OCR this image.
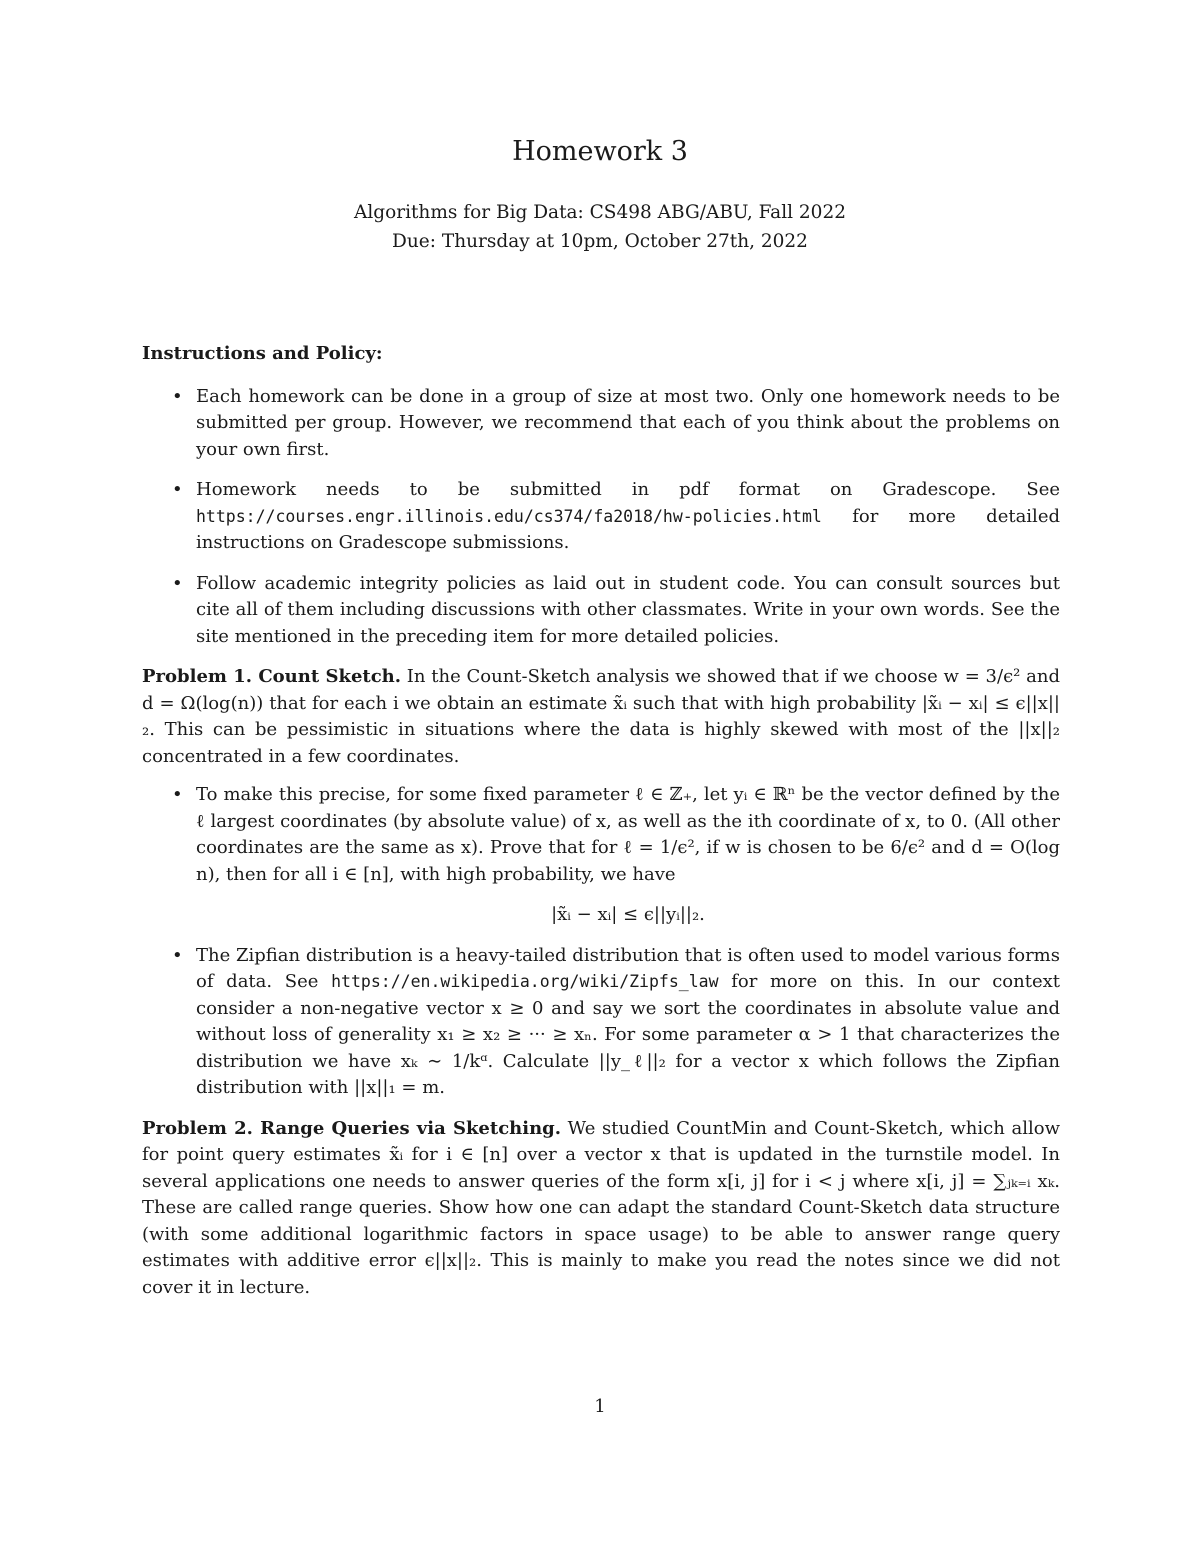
Homework 3
Algorithms for Big Data: CS498 ABG/ABU, Fall 2022
Due: Thursday at 10pm, October 27th, 2022
Instructions and Policy:
• Each homework can be done in a group of size at most two. Only one homework needs to be submitted per group. However, we recommend that each of you think about the problems on your own first.
• Homework needs to be submitted in pdf format on Gradescope. See https://courses.engr.illinois.edu/cs374/fa2018/hw-policies.html for more detailed instructions on Gradescope submissions.
• Follow academic integrity policies as laid out in student code. You can consult sources but cite all of them including discussions with other classmates. Write in your own words. See the site mentioned in the preceding item for more detailed policies.
Problem 1. Count Sketch. In the Count-Sketch analysis we showed that if we choose w = 3/ϵ² and d = Ω(log(n)) that for each i we obtain an estimate x̃ᵢ such that with high probability |x̃ᵢ − xᵢ| ≤ ϵ||x||₂. This can be pessimistic in situations where the data is highly skewed with most of the ||x||₂ concentrated in a few coordinates.
• To make this precise, for some fixed parameter ℓ ∈ ℤ₊, let yᵢ ∈ ℝⁿ be the vector defined by the ℓ largest coordinates (by absolute value) of x, as well as the ith coordinate of x, to 0. (All other coordinates are the same as x). Prove that for ℓ = 1/ϵ², if w is chosen to be 6/ϵ² and d = O(log n), then for all i ∈ [n], with high probability, we have
|x̃ᵢ − xᵢ| ≤ ϵ||yᵢ||₂.
• The Zipfian distribution is a heavy-tailed distribution that is often used to model various forms of data. See https://en.wikipedia.org/wiki/Zipfs_law for more on this. In our context consider a non-negative vector x ≥ 0 and say we sort the coordinates in absolute value and without loss of generality x₁ ≥ x₂ ≥ ··· ≥ xₙ. For some parameter α > 1 that characterizes the distribution we have xₖ ∼ 1/kᵅ. Calculate ||y_ℓ||₂ for a vector x which follows the Zipfian distribution with ||x||₁ = m.
Problem 2. Range Queries via Sketching. We studied CountMin and Count-Sketch, which allow for point query estimates x̃ᵢ for i ∈ [n] over a vector x that is updated in the turnstile model. In several applications one needs to answer queries of the form x[i, j] for i < j where x[i, j] = ∑ⱼₖ₌ᵢ xₖ. These are called range queries. Show how one can adapt the standard Count-Sketch data structure (with some additional logarithmic factors in space usage) to be able to answer range query estimates with additive error ϵ||x||₂. This is mainly to make you read the notes since we did not cover it in lecture.
1
